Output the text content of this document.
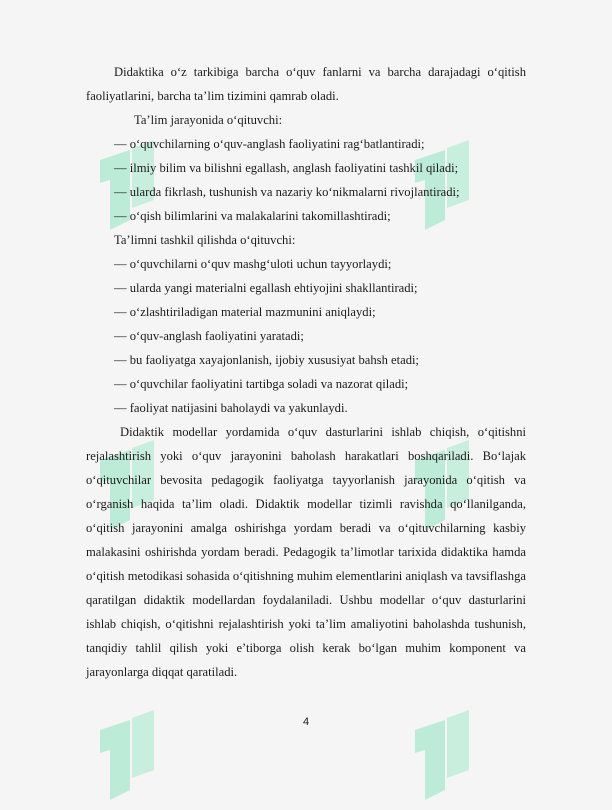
Didaktika o‘z tarkibiga barcha o‘quv fanlarni va barcha darajadagi o‘qitish faoliyatlarini, barcha ta’lim tizimini qamrab oladi.

Ta’lim jarayonida o‘qituvchi:

— o‘quvchilarning o‘quv-anglash faoliyatini rag‘batlantiradi;

— ilmiy bilim va bilishni egallash, anglash faoliyatini tashkil qiladi;

— ularda fikrlash, tushunish va nazariy ko‘nikmalarni rivojlantiradi;

— o‘qish bilimlarini va malakalarini takomillashtiradi;

Ta’limni tashkil qilishda o‘qituvchi:

— o‘quvchilarni o‘quv mashg‘uloti uchun tayyorlaydi;

— ularda yangi materialni egallash ehtiyojini shakllantiradi;

— o‘zlashtiriladigan material mazmunini aniqlaydi;

— o‘quv-anglash faoliyatini yaratadi;

— bu faoliyatga xayajonlanish, ijobiy xususiyat bahsh etadi;

— o‘quvchilar faoliyatini tartibga soladi va nazorat qiladi;

— faoliyat natijasini baholaydi va yakunlaydi.

Didaktik modellar yordamida o‘quv dasturlarini ishlab chiqish, o‘qitishni rejalashtirish yoki o‘quv jarayonini baholash harakatlari boshqariladi. Bo‘lajak o‘qituvchilar bevosita pedagogik faoliyatga tayyorlanish jarayonida o‘qitish va o‘rganish haqida ta’lim oladi. Didaktik modellar tizimli ravishda qo‘llanilganda, o‘qitish jarayonini amalga oshirishga yordam beradi va o‘qituvchilarning kasbiy malakasini oshirishda yordam beradi. Pedagogik ta’limotlar tarixida didaktika hamda o‘qitish metodikasi sohasida o‘qitishning muhim elementlarini aniqlash va tavsiflashga qaratilgan didaktik modellardan foydalaniladi. Ushbu modellar o‘quv dasturlarini ishlab chiqish, o‘qitishni rejalashtirish yoki ta’lim amaliyotini baholashda tushunish, tanqidiy tahlil qilish yoki e’tiborga olish kerak bo‘lgan muhim komponent va jarayonlarga diqqat qaratiladi.

4
